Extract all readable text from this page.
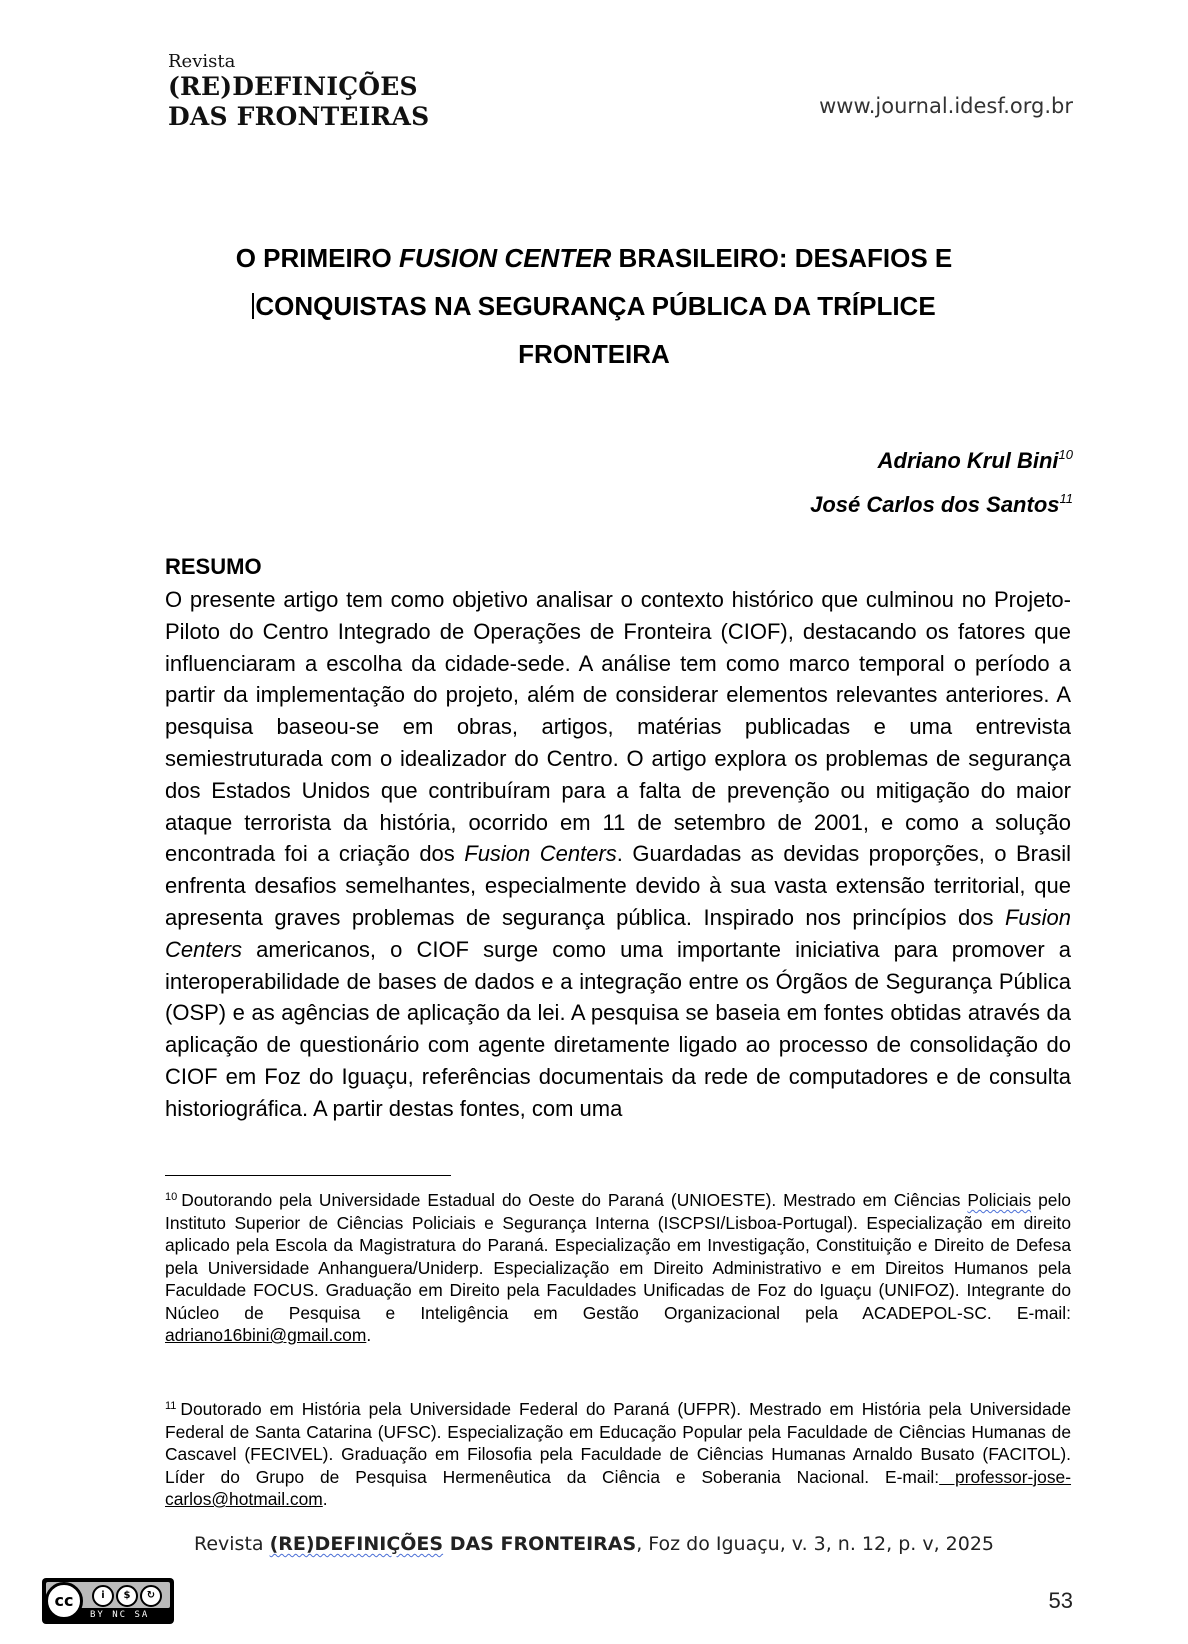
Revista
(RE)DEFINIÇÕES
DAS FRONTEIRAS	www.journal.idesf.org.br
O PRIMEIRO FUSION CENTER BRASILEIRO: DESAFIOS E
CONQUISTAS NA SEGURANÇA PÚBLICA DA TRÍPLICE
FRONTEIRA
Adriano Krul Bini$^{10}$
José Carlos dos Santos$^{11}$
RESUMO
O presente artigo tem como objetivo analisar o contexto histórico que culminou no Projeto-Piloto do Centro Integrado de Operações de Fronteira (CIOF), destacando os fatores que influenciaram a escolha da cidade-sede. A análise tem como marco temporal o período a partir da implementação do projeto, além de considerar elementos relevantes anteriores. A pesquisa baseou-se em obras, artigos, matérias publicadas e uma entrevista semiestruturada com o idealizador do Centro. O artigo explora os problemas de segurança dos Estados Unidos que contribuíram para a falta de prevenção ou mitigação do maior ataque terrorista da história, ocorrido em 11 de setembro de 2001, e como a solução encontrada foi a criação dos Fusion Centers. Guardadas as devidas proporções, o Brasil enfrenta desafios semelhantes, especialmente devido à sua vasta extensão territorial, que apresenta graves problemas de segurança pública. Inspirado nos princípios dos Fusion Centers americanos, o CIOF surge como uma importante iniciativa para promover a interoperabilidade de bases de dados e a integração entre os Órgãos de Segurança Pública (OSP) e as agências de aplicação da lei. A pesquisa se baseia em fontes obtidas através da aplicação de questionário com agente diretamente ligado ao processo de consolidação do CIOF em Foz do Iguaçu, referências documentais da rede de computadores e de consulta historiográfica. A partir destas fontes, com uma
$^{10}$ Doutorando pela Universidade Estadual do Oeste do Paraná (UNIOESTE). Mestrado em Ciências Policiais pelo Instituto Superior de Ciências Policiais e Segurança Interna (ISCPSI/Lisboa-Portugal). Especialização em direito aplicado pela Escola da Magistratura do Paraná. Especialização em Investigação, Constituição e Direito de Defesa pela Universidade Anhanguera/Uniderp. Especialização em Direito Administrativo e em Direitos Humanos pela Faculdade FOCUS. Graduação em Direito pela Faculdades Unificadas de Foz do Iguaçu (UNIFOZ). Integrante do Núcleo de Pesquisa e Inteligência em Gestão Organizacional pela ACADEPOL-SC. E-mail: adriano16bini@gmail.com.
$^{11}$ Doutorado em História pela Universidade Federal do Paraná (UFPR). Mestrado em História pela Universidade Federal de Santa Catarina (UFSC). Especialização em Educação Popular pela Faculdade de Ciências Humanas de Cascavel (FECIVEL). Graduação em Filosofia pela Faculdade de Ciências Humanas Arnaldo Busato (FACITOL). Líder do Grupo de Pesquisa Hermenêutica da Ciência e Soberania Nacional. E-mail: professor-jose-carlos@hotmail.com.
Revista (RE)DEFINIÇÕES DAS FRONTEIRAS, Foz do Iguaçu, v. 3, n. 12, p. v, 2025
i	$	↻
cc
BY NC SA
53
